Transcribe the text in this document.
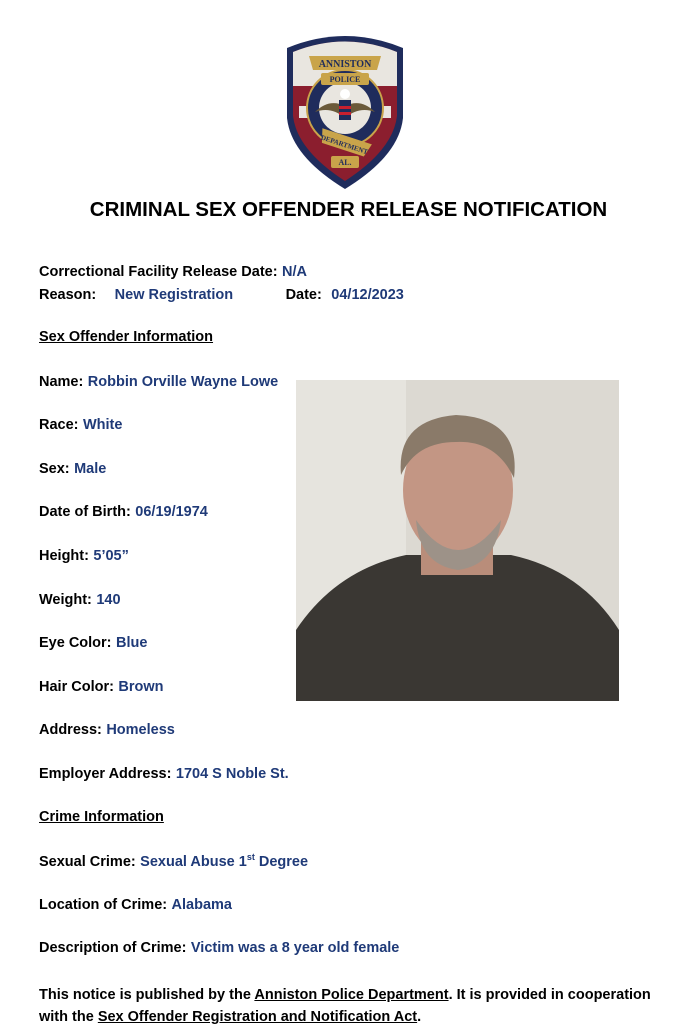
ANNISTON
POLICE
DEPARTMENT
AL.
CRIMINAL SEX OFFENDER RELEASE NOTIFICATION
Correctional Facility Release Date: N/A
Reason: New Registration	Date: 04/12/2023
Sex Offender Information
Name: Robbin Orville Wayne Lowe
Race: White
Sex: Male
Date of Birth: 06/19/1974
Height: 5’05”
Weight: 140
Eye Color: Blue
Hair Color: Brown
Address: Homeless
Employer Address: 1704 S Noble St.
Crime Information
Sexual Crime: Sexual Abuse 1st Degree
Location of Crime: Alabama
Description of Crime: Victim was a 8 year old female
This notice is published by the Anniston Police Department. It is provided in cooperation with the Sex Offender Registration and Notification Act.
